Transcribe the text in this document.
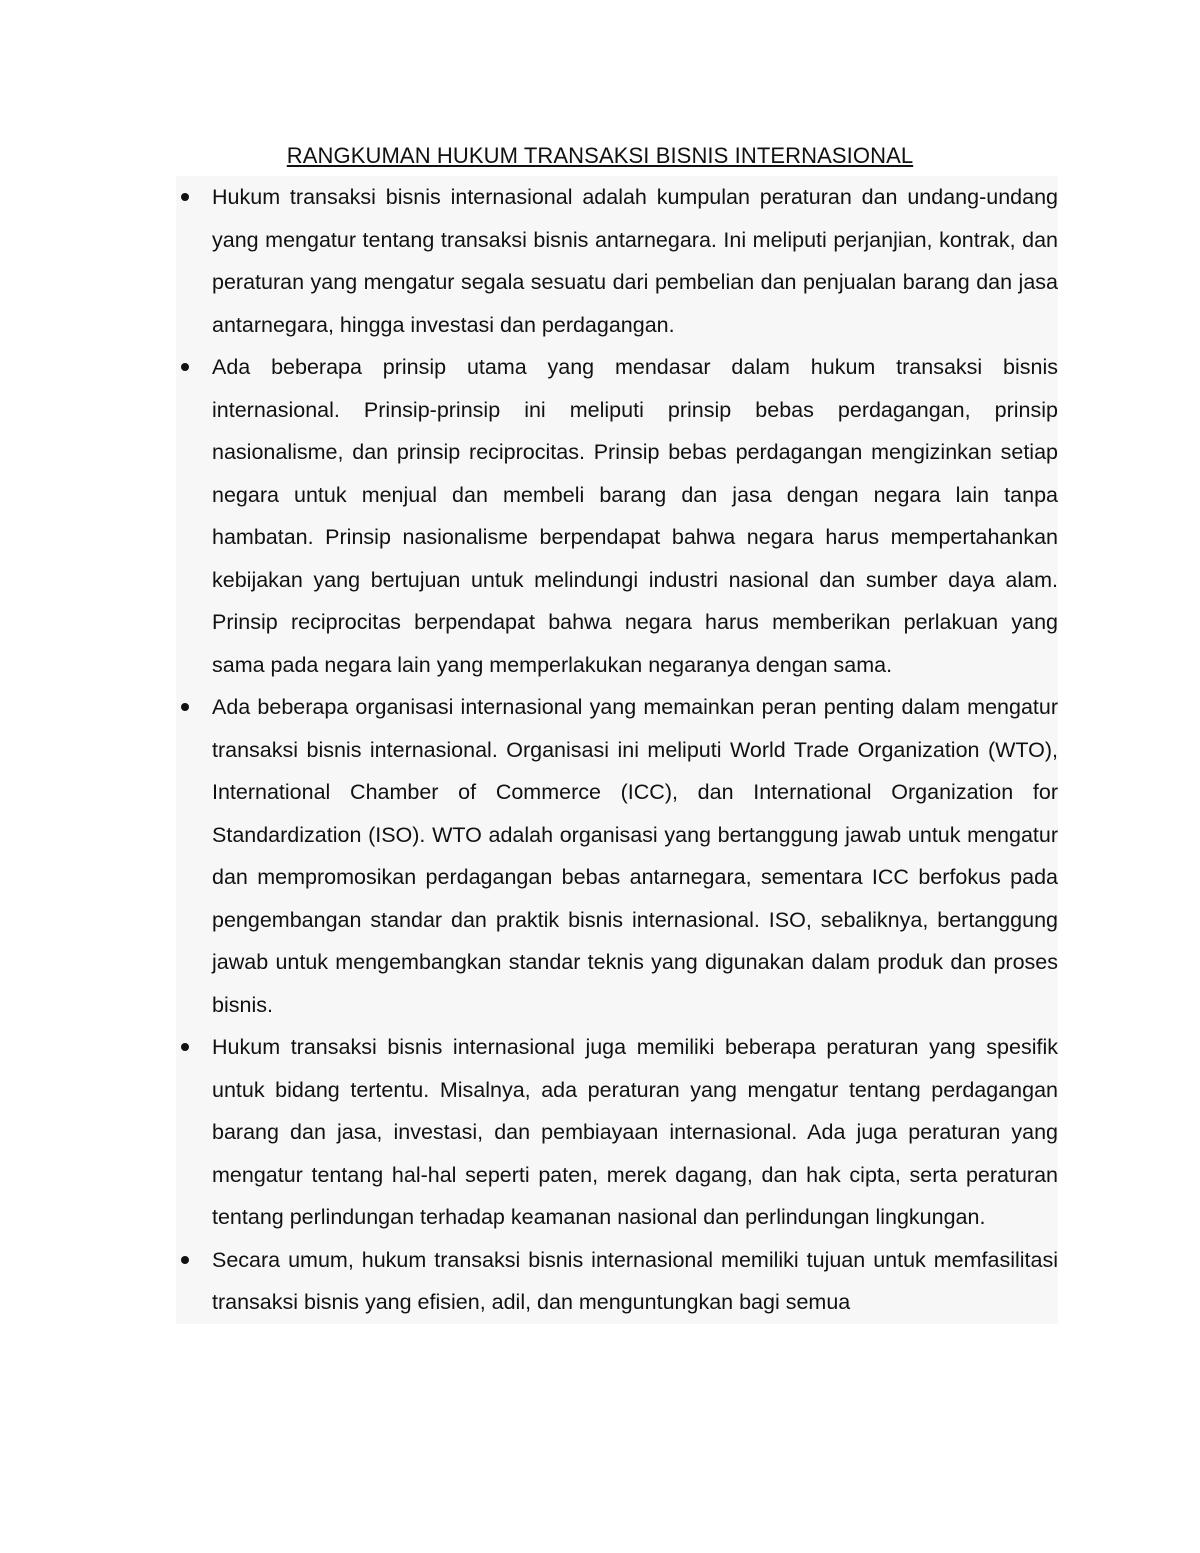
RANGKUMAN HUKUM TRANSAKSI BISNIS INTERNASIONAL

Hukum transaksi bisnis internasional adalah kumpulan peraturan dan undang-undang yang mengatur tentang transaksi bisnis antarnegara. Ini meliputi perjanjian, kontrak, dan peraturan yang mengatur segala sesuatu dari pembelian dan penjualan barang dan jasa antarnegara, hingga investasi dan perdagangan.

Ada beberapa prinsip utama yang mendasar dalam hukum transaksi bisnis internasional. Prinsip-prinsip ini meliputi prinsip bebas perdagangan, prinsip nasionalisme, dan prinsip reciprocitas. Prinsip bebas perdagangan mengizinkan setiap negara untuk menjual dan membeli barang dan jasa dengan negara lain tanpa hambatan. Prinsip nasionalisme berpendapat bahwa negara harus mempertahankan kebijakan yang bertujuan untuk melindungi industri nasional dan sumber daya alam. Prinsip reciprocitas berpendapat bahwa negara harus memberikan perlakuan yang sama pada negara lain yang memperlakukan negaranya dengan sama.

Ada beberapa organisasi internasional yang memainkan peran penting dalam mengatur transaksi bisnis internasional. Organisasi ini meliputi World Trade Organization (WTO), International Chamber of Commerce (ICC), dan International Organization for Standardization (ISO). WTO adalah organisasi yang bertanggung jawab untuk mengatur dan mempromosikan perdagangan bebas antarnegara, sementara ICC berfokus pada pengembangan standar dan praktik bisnis internasional. ISO, sebaliknya, bertanggung jawab untuk mengembangkan standar teknis yang digunakan dalam produk dan proses bisnis.

Hukum transaksi bisnis internasional juga memiliki beberapa peraturan yang spesifik untuk bidang tertentu. Misalnya, ada peraturan yang mengatur tentang perdagangan barang dan jasa, investasi, dan pembiayaan internasional. Ada juga peraturan yang mengatur tentang hal-hal seperti paten, merek dagang, dan hak cipta, serta peraturan tentang perlindungan terhadap keamanan nasional dan perlindungan lingkungan.

Secara umum, hukum transaksi bisnis internasional memiliki tujuan untuk memfasilitasi transaksi bisnis yang efisien, adil, dan menguntungkan bagi semua
